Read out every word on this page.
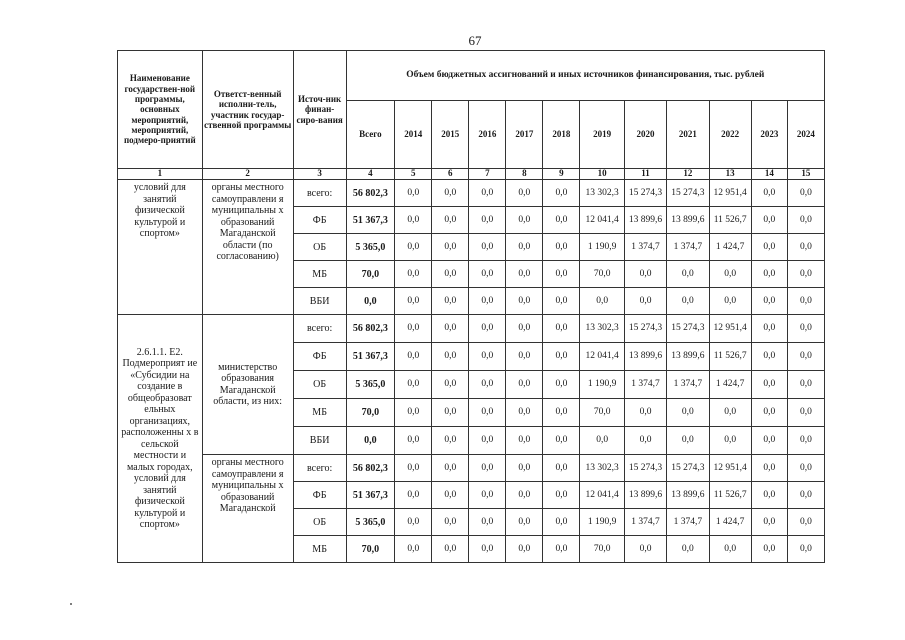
67
Наименование государствен-ной программы, основных мероприятий, мероприятий, подмеро-приятий	Ответст-венный исполни-тель, участник государ-ственной программы	Источ-ник финан-сиро-вания	Объем бюджетных ассигнований и иных источников финансирования, тыс. рублей											
			Всего	2014	2015	2016	2017	2018	2019	2020	2021	2022	2023	2024
1	2	3	4	5	6	7	8	9	10	11	12	13	14	15
условий для занятий физической культурой и спортом»	органы местного самоуправлени я муниципальны х образований Магаданской области (по согласованию)	всего:	56 802,3	0,0	0,0	0,0	0,0	0,0	13 302,3	15 274,3	15 274,3	12 951,4	0,0	0,0
		ФБ	51 367,3	0,0	0,0	0,0	0,0	0,0	12 041,4	13 899,6	13 899,6	11 526,7	0,0	0,0
		ОБ	5 365,0	0,0	0,0	0,0	0,0	0,0	1 190,9	1 374,7	1 374,7	1 424,7	0,0	0,0
		МБ	70,0	0,0	0,0	0,0	0,0	0,0	70,0	0,0	0,0	0,0	0,0	0,0
		ВБИ	0,0	0,0	0,0	0,0	0,0	0,0	0,0	0,0	0,0	0,0	0,0	0,0
2.6.1.1. Е2. Подмероприят ие «Субсидии на создание в общеобразоват ельных организациях, расположенны х в сельской местности и малых городах, условий для занятий физической культурой и спортом»	министерство образования Магаданской области, из них:	всего:	56 802,3	0,0	0,0	0,0	0,0	0,0	13 302,3	15 274,3	15 274,3	12 951,4	0,0	0,0
		ФБ	51 367,3	0,0	0,0	0,0	0,0	0,0	12 041,4	13 899,6	13 899,6	11 526,7	0,0	0,0
		ОБ	5 365,0	0,0	0,0	0,0	0,0	0,0	1 190,9	1 374,7	1 374,7	1 424,7	0,0	0,0
		МБ	70,0	0,0	0,0	0,0	0,0	0,0	70,0	0,0	0,0	0,0	0,0	0,0
		ВБИ	0,0	0,0	0,0	0,0	0,0	0,0	0,0	0,0	0,0	0,0	0,0	0,0
	органы местного самоуправлени я муниципальны х образований Магаданской	всего:	56 802,3	0,0	0,0	0,0	0,0	0,0	13 302,3	15 274,3	15 274,3	12 951,4	0,0	0,0
		ФБ	51 367,3	0,0	0,0	0,0	0,0	0,0	12 041,4	13 899,6	13 899,6	11 526,7	0,0	0,0
		ОБ	5 365,0	0,0	0,0	0,0	0,0	0,0	1 190,9	1 374,7	1 374,7	1 424,7	0,0	0,0
		МБ	70,0	0,0	0,0	0,0	0,0	0,0	70,0	0,0	0,0	0,0	0,0	0,0
